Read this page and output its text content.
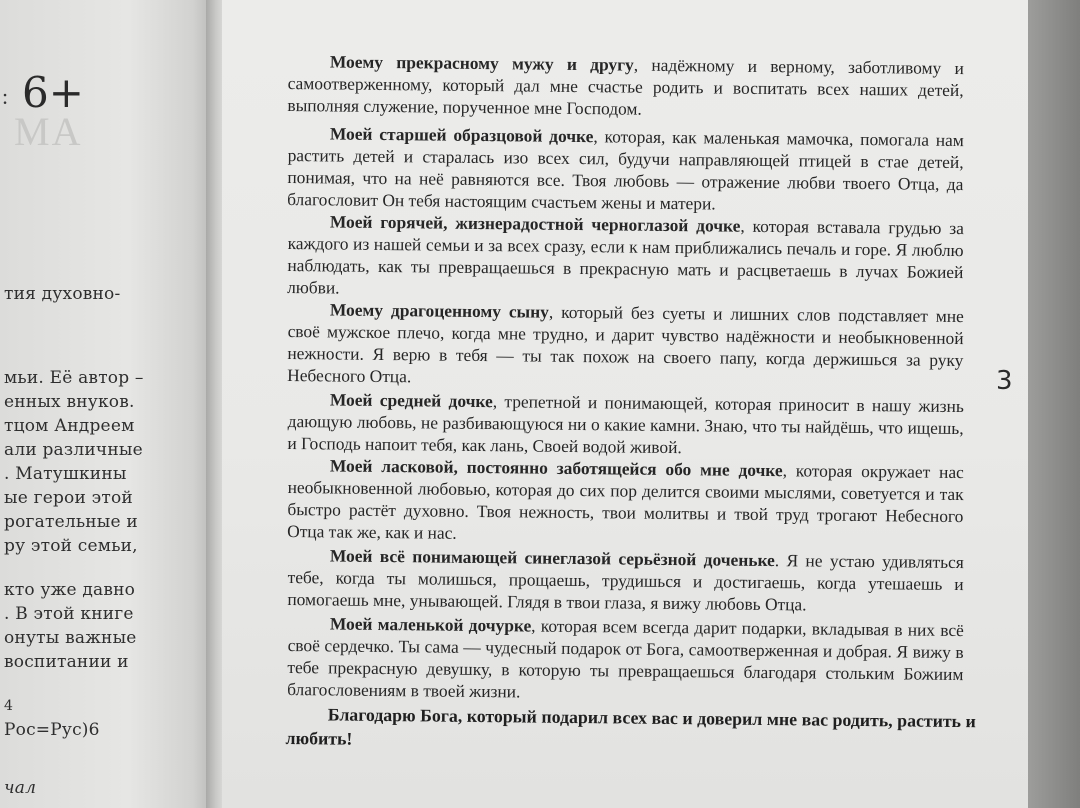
: 6+
МА
тия духовно-
мьи. Её автор –
енных внуков.
тцом Андреем
али различные
. Матушкины
ые герои этой
рогательные и
ру этой семьи,
кто уже давно
. В этой книге
онуты важные
воспитании и
4
Рос=Рус)6
чал
3

Моему прекрасному мужу и другу, надёжному и верному, заботливому и самоотверженному, который дал мне счастье родить и воспитать всех наших детей, выполняя служение, порученное мне Господом.

Моей старшей образцовой дочке, которая, как маленькая мамочка, помогала нам растить детей и старалась изо всех сил, будучи направляющей птицей в стае детей, понимая, что на неё равняются все. Твоя любовь — отражение любви твоего Отца, да благословит Он тебя настоящим счастьем жены и матери.

Моей горячей, жизнерадостной черноглазой дочке, которая вставала грудью за каждого из нашей семьи и за всех сразу, если к нам приближались печаль и горе. Я люблю наблюдать, как ты превращаешься в прекрасную мать и расцветаешь в лучах Божией любви.

Моему драгоценному сыну, который без суеты и лишних слов подставляет мне своё мужское плечо, когда мне трудно, и дарит чувство надёжности и необыкновенной нежности. Я верю в тебя — ты так похож на своего папу, когда держишься за руку Небесного Отца.

Моей средней дочке, трепетной и понимающей, которая приносит в нашу жизнь дающую любовь, не разбивающуюся ни о какие камни. Знаю, что ты найдёшь, что ищешь, и Господь напоит тебя, как лань, Своей водой живой.

Моей ласковой, постоянно заботящейся обо мне дочке, которая окружает нас необыкновенной любовью, которая до сих пор делится своими мыслями, советуется и так быстро растёт духовно. Твоя нежность, твои молитвы и твой труд трогают Небесного Отца так же, как и нас.

Моей всё понимающей синеглазой серьёзной доченьке. Я не устаю удивляться тебе, когда ты молишься, прощаешь, трудишься и достигаешь, когда утешаешь и помогаешь мне, унывающей. Глядя в твои глаза, я вижу любовь Отца.

Моей маленькой дочурке, которая всем всегда дарит подарки, вкладывая в них всё своё сердечко. Ты сама — чудесный подарок от Бога, самоотверженная и добрая. Я вижу в тебе прекрасную девушку, в которую ты превращаешься благодаря стольким Божиим благословениям в твоей жизни.

Благодарю Бога, который подарил всех вас и доверил мне вас родить, растить и любить!
